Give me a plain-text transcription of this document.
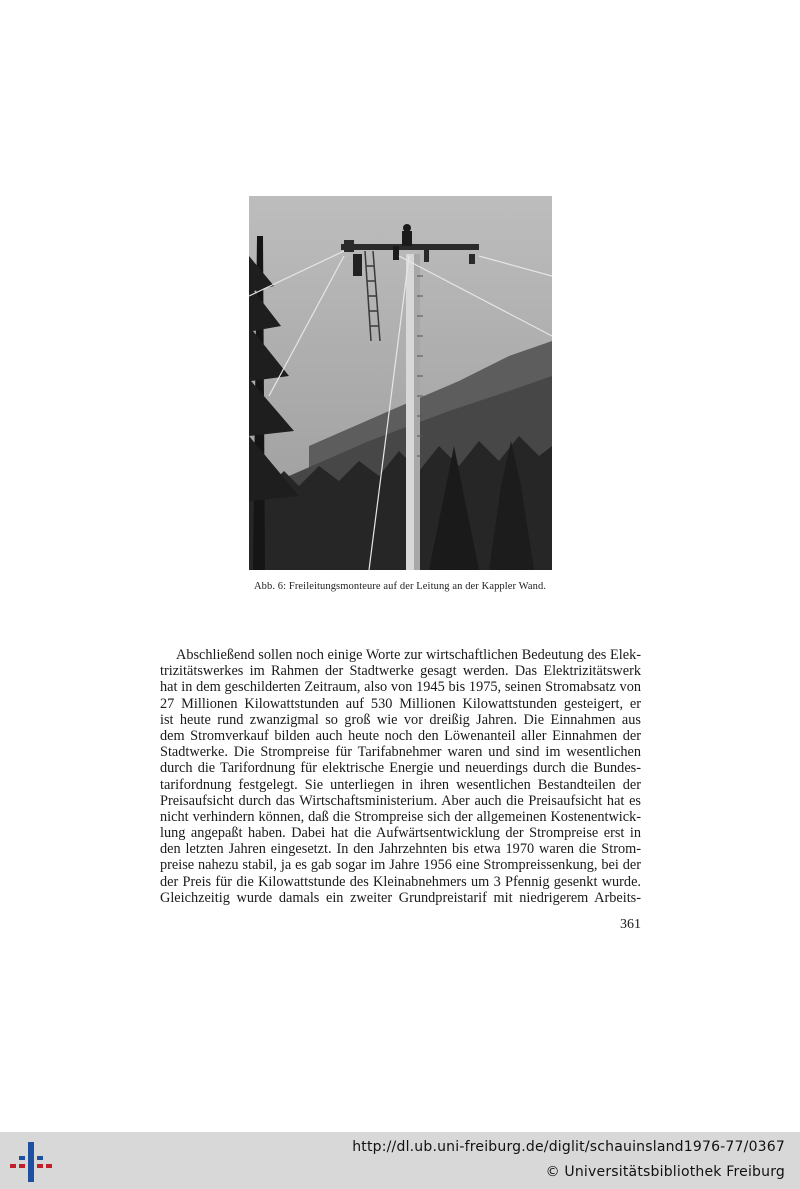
Abb. 6: Freileitungsmonteure auf der Leitung an der Kappler Wand.
Abschließend sollen noch einige Worte zur wirtschaftlichen Bedeutung des Elek-
trizitätswerkes im Rahmen der Stadtwerke gesagt werden. Das Elektrizitätswerk
hat in dem geschilderten Zeitraum, also von 1945 bis 1975, seinen Stromabsatz von
27 Millionen Kilowattstunden auf 530 Millionen Kilowattstunden gesteigert, er
ist heute rund zwanzigmal so groß wie vor dreißig Jahren. Die Einnahmen aus
dem Stromverkauf bilden auch heute noch den Löwenanteil aller Einnahmen der
Stadtwerke. Die Strompreise für Tarifabnehmer waren und sind im wesentlichen
durch die Tarifordnung für elektrische Energie und neuerdings durch die Bundes-
tarifordnung festgelegt. Sie unterliegen in ihren wesentlichen Bestandteilen der
Preisaufsicht durch das Wirtschaftsministerium. Aber auch die Preisaufsicht hat es
nicht verhindern können, daß die Strompreise sich der allgemeinen Kostenentwick-
lung angepaßt haben. Dabei hat die Aufwärtsentwicklung der Strompreise erst in
den letzten Jahren eingesetzt. In den Jahrzehnten bis etwa 1970 waren die Strom-
preise nahezu stabil, ja es gab sogar im Jahre 1956 eine Strompreissenkung, bei der
der Preis für die Kilowattstunde des Kleinabnehmers um 3 Pfennig gesenkt wurde.
Gleichzeitig wurde damals ein zweiter Grundpreistarif mit niedrigerem Arbeits-
361
http://dl.ub.uni-freiburg.de/diglit/schauinsland1976-77/0367
© Universitätsbibliothek Freiburg
